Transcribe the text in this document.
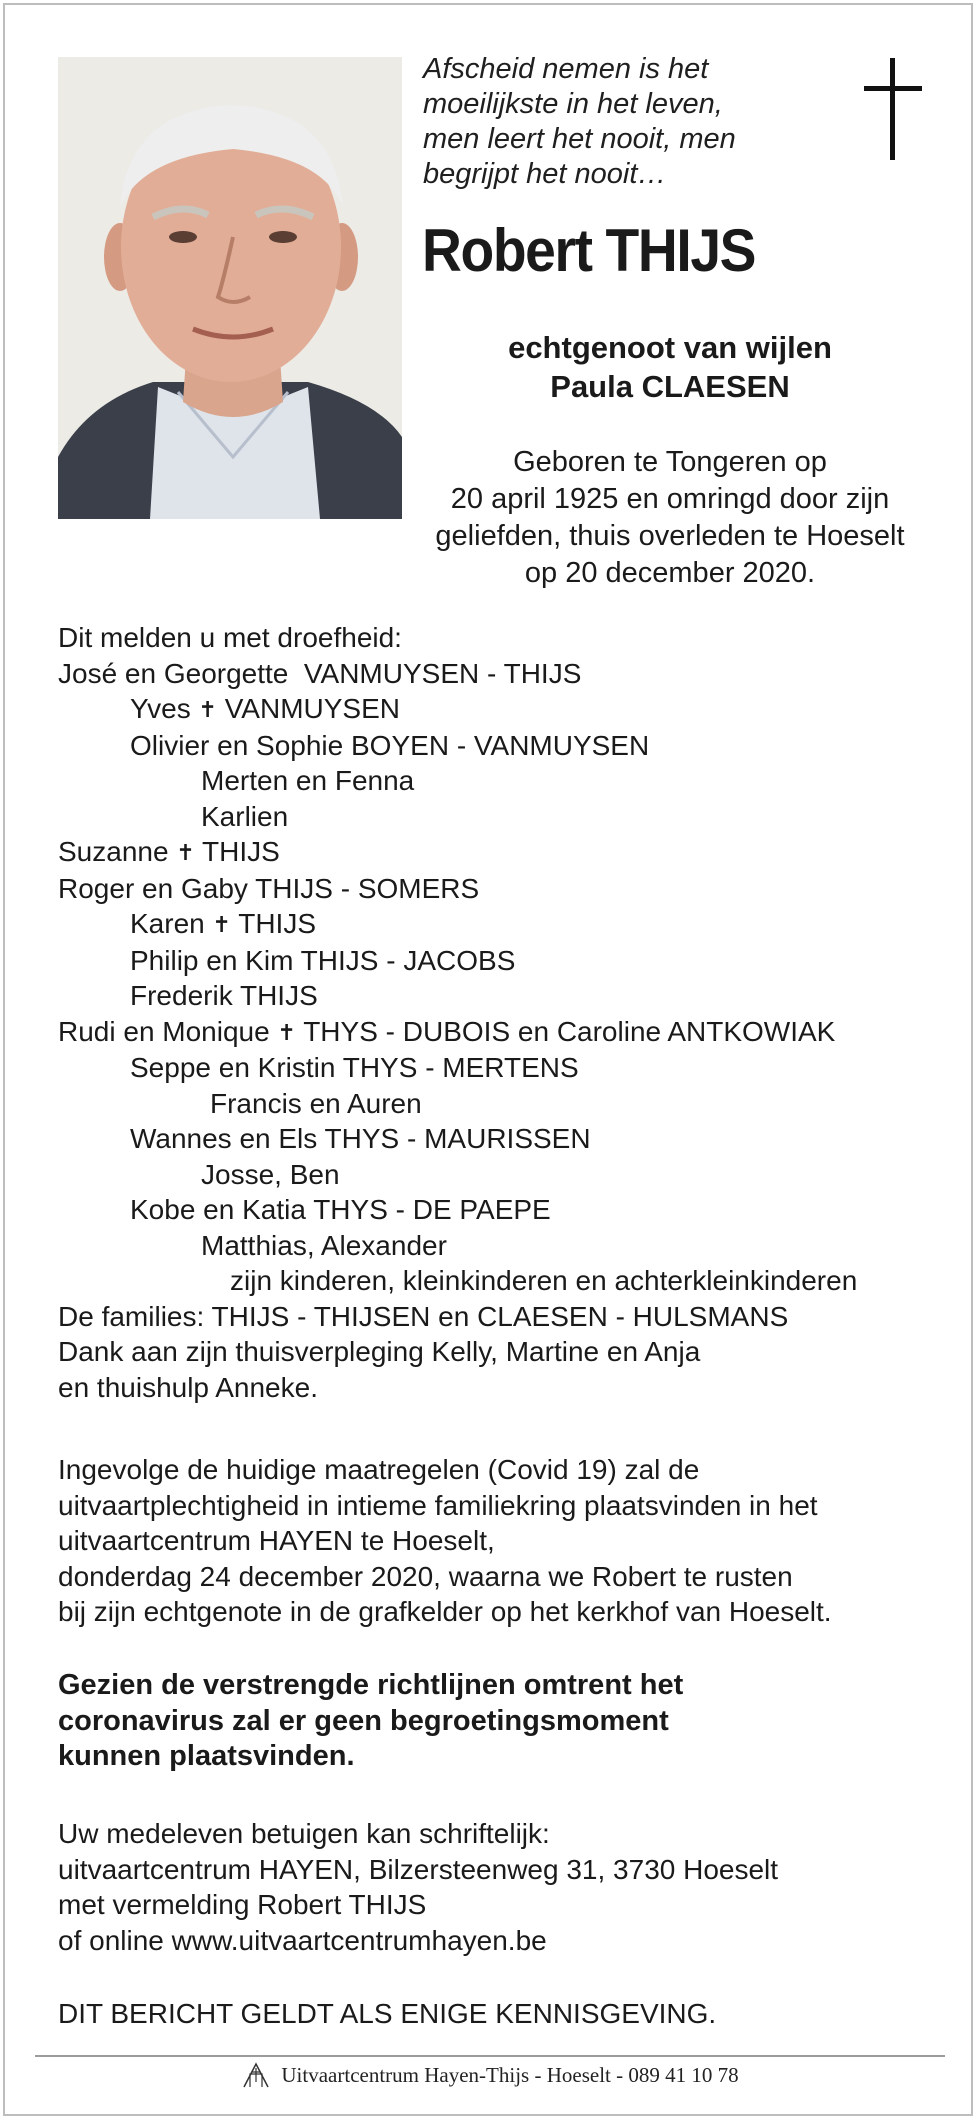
Afscheid nemen is het
moeilijkste in het leven,
men leert het nooit, men
begrijpt het nooit…
Robert THIJS
echtgenoot van wijlen
Paula CLAESEN
Geboren te Tongeren op
20 april 1925 en omringd door zijn
geliefden, thuis overleden te Hoeselt
op 20 december 2020.
Dit melden u met droefheid:
José en Georgette  VANMUYSEN - THIJS
Yves ✝ VANMUYSEN
Olivier en Sophie BOYEN - VANMUYSEN
Merten en Fenna
Karlien
Suzanne ✝ THIJS
Roger en Gaby THIJS - SOMERS
Karen ✝ THIJS
Philip en Kim THIJS - JACOBS
Frederik THIJS
Rudi en Monique ✝ THYS - DUBOIS en Caroline ANTKOWIAK
Seppe en Kristin THYS - MERTENS
Francis en Auren
Wannes en Els THYS - MAURISSEN
Josse, Ben
Kobe en Katia THYS - DE PAEPE
Matthias, Alexander
zijn kinderen, kleinkinderen en achterkleinkinderen
De families: THIJS - THIJSEN en CLAESEN - HULSMANS
Dank aan zijn thuisverpleging Kelly, Martine en Anja
en thuishulp Anneke.
Ingevolge de huidige maatregelen (Covid 19) zal de
uitvaartplechtigheid in intieme familiekring plaatsvinden in het
uitvaartcentrum HAYEN te Hoeselt,
donderdag 24 december 2020, waarna we Robert te rusten
bij zijn echtgenote in de grafkelder op het kerkhof van Hoeselt.
Gezien de verstrengde richtlijnen omtrent het
coronavirus zal er geen begroetingsmoment
kunnen plaatsvinden.
Uw medeleven betuigen kan schriftelijk:
uitvaartcentrum HAYEN, Bilzersteenweg 31, 3730 Hoeselt
met vermelding Robert THIJS
of online www.uitvaartcentrumhayen.be
DIT BERICHT GELDT ALS ENIGE KENNISGEVING.
Uitvaartcentrum Hayen-Thijs - Hoeselt - 089 41 10 78
